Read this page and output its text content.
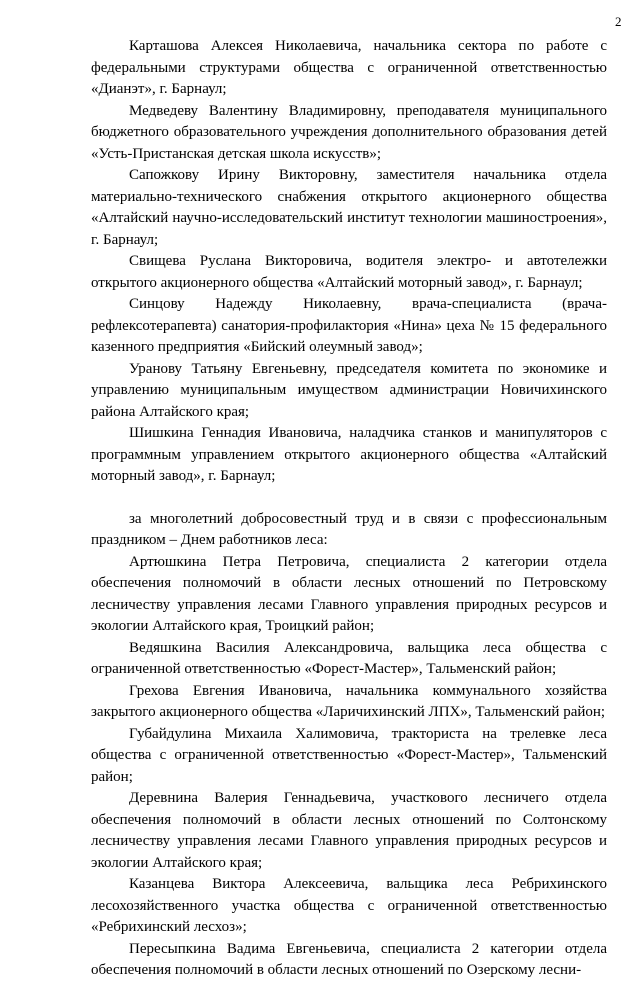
2

Карташова Алексея Николаевича, начальника сектора по работе с федеральными структурами общества с ограниченной ответственностью «Дианэт», г. Барнаул;

Медведеву Валентину Владимировну, преподавателя муниципального бюджетного образовательного учреждения дополнительного образования детей «Усть-Пристанская детская школа искусств»;

Сапожкову Ирину Викторовну, заместителя начальника отдела материально-технического снабжения открытого акционерного общества «Алтайский научно-исследовательский институт технологии машиностроения», г. Барнаул;

Свищева Руслана Викторовича, водителя электро- и автотележки открытого акционерного общества «Алтайский моторный завод», г. Барнаул;

Синцову Надежду Николаевну, врача-специалиста (врача-рефлексотерапевта) санатория-профилактория «Нина» цеха № 15 федерального казенного предприятия «Бийский олеумный завод»;

Уранову Татьяну Евгеньевну, председателя комитета по экономике и управлению муниципальным имуществом администрации Новичихинского района Алтайского края;

Шишкина Геннадия Ивановича, наладчика станков и манипуляторов с программным управлением открытого акционерного общества «Алтайский моторный завод», г. Барнаул;

за многолетний добросовестный труд и в связи с профессиональным праздником – Днем работников леса:

Артюшкина Петра Петровича, специалиста 2 категории отдела обеспечения полномочий в области лесных отношений по Петровскому лесничеству управления лесами Главного управления природных ресурсов и экологии Алтайского края, Троицкий район;

Ведяшкина Василия Александровича, вальщика леса общества с ограниченной ответственностью «Форест-Мастер», Тальменский район;

Грехова Евгения Ивановича, начальника коммунального хозяйства закрытого акционерного общества «Ларичихинский ЛПХ», Тальменский район;

Губайдулина Михаила Халимовича, тракториста на трелевке леса общества с ограниченной ответственностью «Форест-Мастер», Тальменский район;

Деревнина Валерия Геннадьевича, участкового лесничего отдела обеспечения полномочий в области лесных отношений по Солтонскому лесничеству управления лесами Главного управления природных ресурсов и экологии Алтайского края;

Казанцева Виктора Алексеевича, вальщика леса Ребрихинского лесохозяйственного участка общества с ограниченной ответственностью «Ребрихинский лесхоз»;

Пересыпкина Вадима Евгеньевича, специалиста 2 категории отдела обеспечения полномочий в области лесных отношений по Озерскому лесни-
